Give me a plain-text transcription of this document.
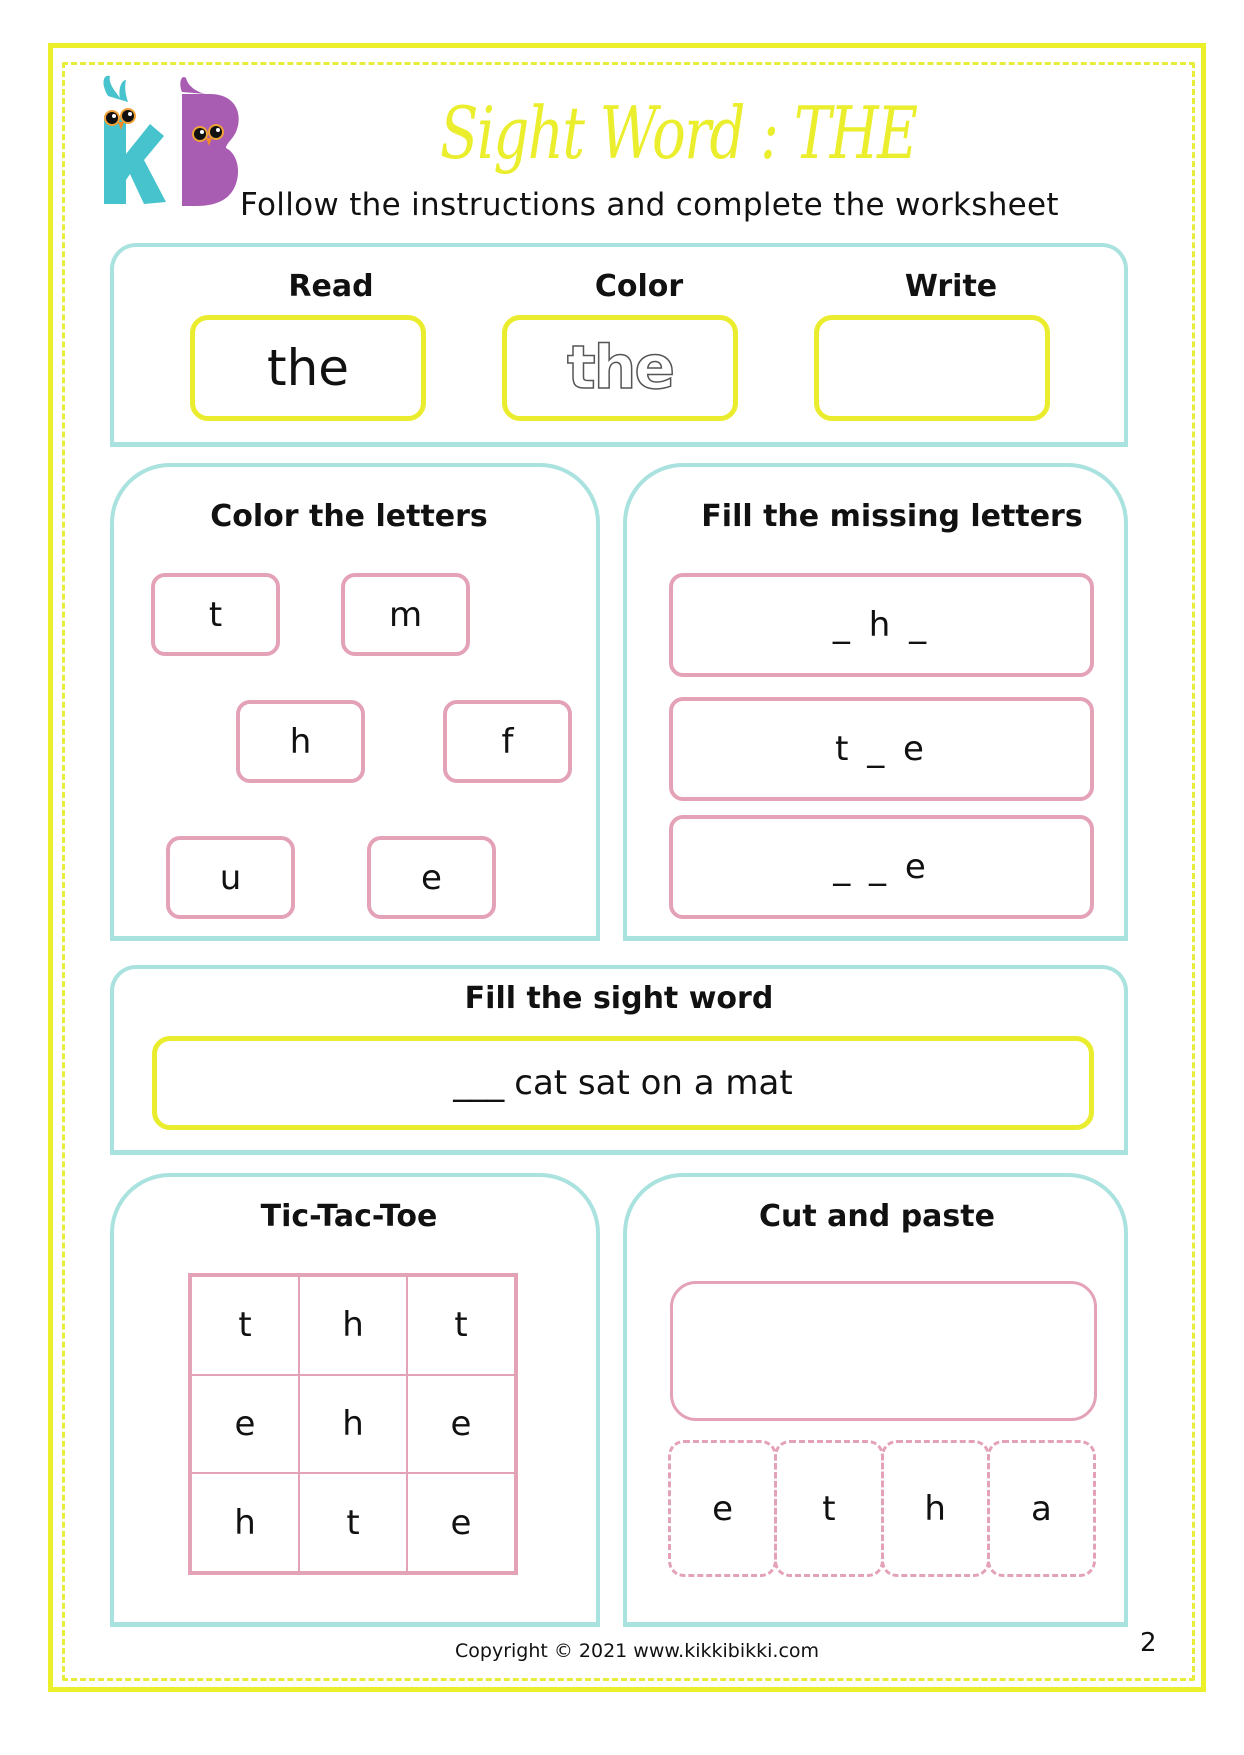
Sight Word : THE
Follow the instructions and complete the worksheet
Read	Color	Write
the	the
Color the letters
t	m
h	f
u	e
Fill the missing letters
_ h _
t _ e
_ _ e
Fill the sight word
___ cat sat on a mat
Tic-Tac-Toe
t	h	t
e	h	e
h	t	e
Cut and paste
e	t	h	a
Copyright © 2021 www.kikkibikki.com	2
